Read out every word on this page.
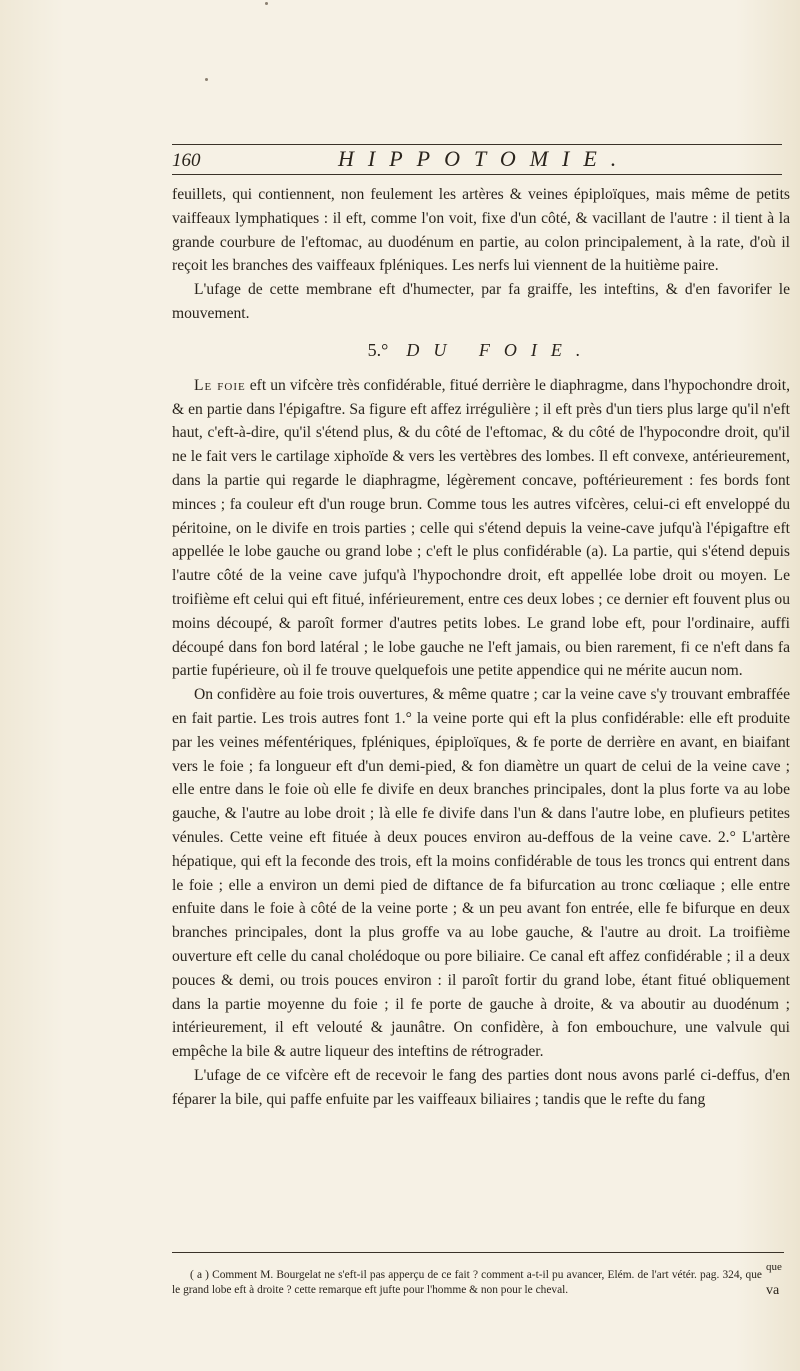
160	HIPPOTOMIE.

feuillets, qui contiennent, non feulement les artères & veines épiploïques, mais même de petits vaiffeaux lymphatiques : il eft, comme l'on voit, fixe d'un côté, & vacillant de l'autre : il tient à la grande courbure de l'eftomac, au duodénum en partie, au colon principalement, à la rate, d'où il reçoit les branches des vaiffeaux fpléniques. Les nerfs lui viennent de la huitième paire.

L'ufage de cette membrane eft d'humecter, par fa graiffe, les inteftins, & d'en favorifer le mouvement.

5.° DU FOIE.

Le foie eft un vifcère très confidérable, fitué derrière le diaphragme, dans l'hypochondre droit, & en partie dans l'épigaftre. Sa figure eft affez irrégulière ; il eft près d'un tiers plus large qu'il n'eft haut, c'eft-à-dire, qu'il s'étend plus, & du côté de l'eftomac, & du côté de l'hypocondre droit, qu'il ne le fait vers le cartilage xiphoïde & vers les vertèbres des lombes. Il eft convexe, antérieurement, dans la partie qui regarde le diaphragme, légèrement concave, poftérieurement : fes bords font minces ; fa couleur eft d'un rouge brun. Comme tous les autres vifcères, celui-ci eft enveloppé du péritoine, on le divife en trois parties ; celle qui s'étend depuis la veine-cave jufqu'à l'épigaftre eft appellée le lobe gauche ou grand lobe ; c'eft le plus confidérable (a). La partie, qui s'étend depuis l'autre côté de la veine cave jufqu'à l'hypochondre droit, eft appellée lobe droit ou moyen. Le troifième eft celui qui eft fitué, inférieurement, entre ces deux lobes ; ce dernier eft fouvent plus ou moins découpé, & paroît former d'autres petits lobes. Le grand lobe eft, pour l'ordinaire, auffi découpé dans fon bord latéral ; le lobe gauche ne l'eft jamais, ou bien rarement, fi ce n'eft dans fa partie fupérieure, où il fe trouve quelquefois une petite appendice qui ne mérite aucun nom.

On confidère au foie trois ouvertures, & même quatre ; car la veine cave s'y trouvant embraffée en fait partie. Les trois autres font 1.° la veine porte qui eft la plus confidérable: elle eft produite par les veines méfentériques, fpléniques, épiploïques, & fe porte de derrière en avant, en biaifant vers le foie ; fa longueur eft d'un demi-pied, & fon diamètre un quart de celui de la veine cave ; elle entre dans le foie où elle fe divife en deux branches principales, dont la plus forte va au lobe gauche, & l'autre au lobe droit ; là elle fe divife dans l'un & dans l'autre lobe, en plufieurs petites vénules. Cette veine eft fituée à deux pouces environ au-deffous de la veine cave. 2.° L'artère hépatique, qui eft la feconde des trois, eft la moins confidérable de tous les troncs qui entrent dans le foie ; elle a environ un demi pied de diftance de fa bifurcation au tronc cœliaque ; elle entre enfuite dans le foie à côté de la veine porte ; & un peu avant fon entrée, elle fe bifurque en deux branches principales, dont la plus groffe va au lobe gauche, & l'autre au droit. La troifième ouverture eft celle du canal cholédoque ou pore biliaire. Ce canal eft affez confidérable ; il a deux pouces & demi, ou trois pouces environ : il paroît fortir du grand lobe, étant fitué obliquement dans la partie moyenne du foie ; il fe porte de gauche à droite, & va aboutir au duodénum ; intérieurement, il eft velouté & jaunâtre. On confidère, à fon embouchure, une valvule qui empêche la bile & autre liqueur des inteftins de rétrograder.

L'ufage de ce vifcère eft de recevoir le fang des parties dont nous avons parlé ci-deffus, d'en féparer la bile, qui paffe enfuite par les vaiffeaux biliaires ; tandis que le refte du fang

que

( a ) Comment M. Bourgelat ne s'eft-il pas apperçu de ce fait ? comment a-t-il pu avancer, Elém. de l'art vétér. pag. 324, que le grand lobe eft à droite ? cette remarque eft jufte pour l'homme & non pour le cheval.	va
